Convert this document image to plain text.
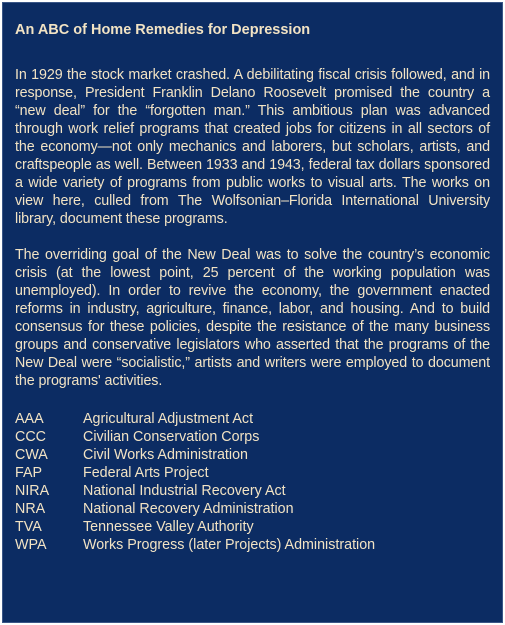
An ABC of Home Remedies for Depression

In 1929 the stock market crashed. A debilitating fiscal crisis followed, and in response, President Franklin Delano Roosevelt promised the country a “new deal” for the “forgotten man.” This ambitious plan was advanced through work relief programs that created jobs for citizens in all sectors of the economy—not only mechanics and laborers, but scholars, artists, and craftspeople as well. Between 1933 and 1943, federal tax dollars sponsored a wide variety of programs from public works to visual arts. The works on view here, culled from The Wolfsonian–Florida International University library, document these programs.

The overriding goal of the New Deal was to solve the country’s economic crisis (at the lowest point, 25 percent of the working population was unemployed). In order to revive the economy, the government enacted reforms in industry, agriculture, finance, labor, and housing. And to build consensus for these policies, despite the resistance of the many business groups and conservative legislators who asserted that the programs of the New Deal were “socialistic,” artists and writers were employed to document the programs' activities.

AAA	Agricultural Adjustment Act
CCC	Civilian Conservation Corps
CWA	Civil Works Administration
FAP	Federal Arts Project
NIRA	National Industrial Recovery Act
NRA	National Recovery Administration
TVA	Tennessee Valley Authority
WPA	Works Progress (later Projects) Administration
